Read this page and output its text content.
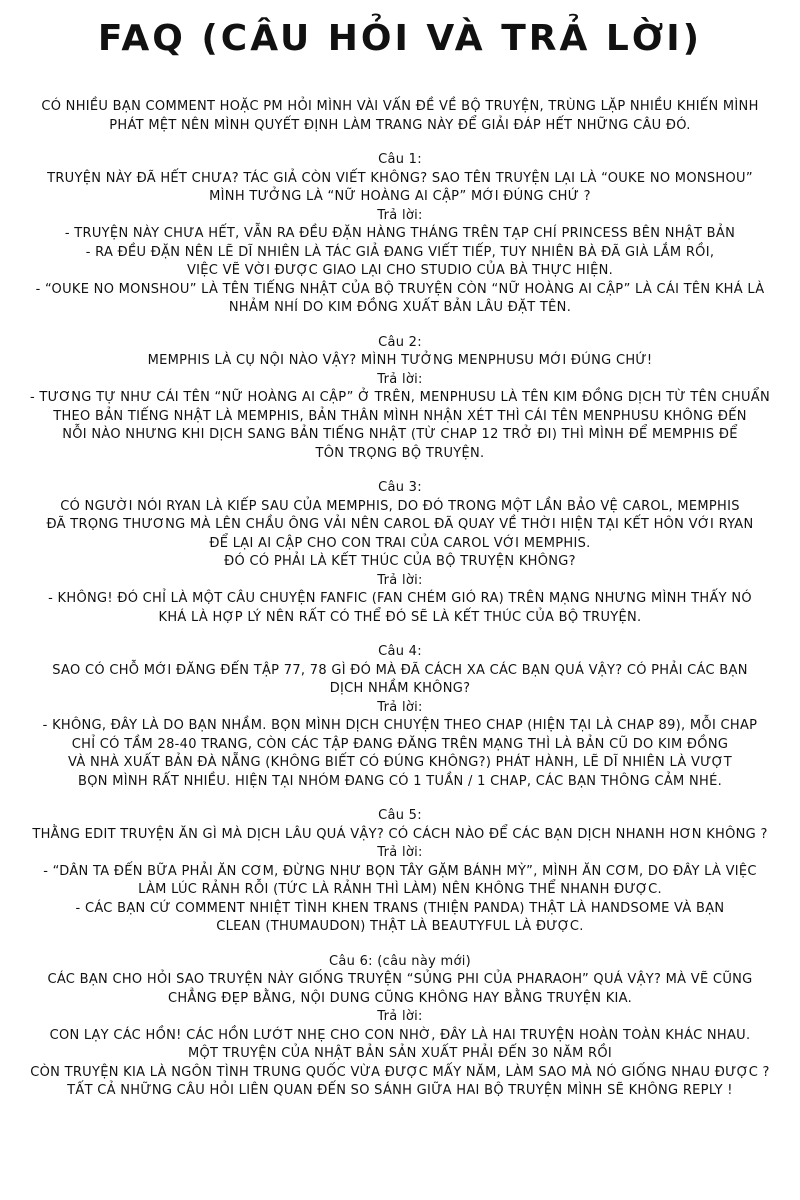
FAQ (CÂU HỎI VÀ TRẢ LỜI)
CÓ NHIỀU BẠN COMMENT HOẶC PM HỎI MÌNH VÀI VẤN ĐỀ VỀ BỘ TRUYỆN, TRÙNG LẶP NHIỀU KHIẾN MÌNH
PHÁT MỆT NÊN MÌNH QUYẾT ĐỊNH LÀM TRANG NÀY ĐỂ GIẢI ĐÁP HẾT NHỮNG CÂU ĐÓ.
Câu 1:
TRUYỆN NÀY ĐÃ HẾT CHƯA? TÁC GIẢ CÒN VIẾT KHÔNG? SAO TÊN TRUYỆN LẠI LÀ “OUKE NO MONSHOU”
MÌNH TƯỞNG LÀ “NỮ HOÀNG AI CẬP” MỚI ĐÚNG CHỨ ?
Trả lời:
- TRUYỆN NÀY CHƯA HẾT, VẪN RA ĐỀU ĐẶN HÀNG THÁNG TRÊN TẠP CHÍ PRINCESS BÊN NHẬT BẢN
- RA ĐỀU ĐẶN NÊN LẼ DĨ NHIÊN LÀ TÁC GIẢ ĐANG VIẾT TIẾP, TUY NHIÊN BÀ ĐÃ GIÀ LẮM RỒI,
VIỆC VẼ VỜI ĐƯỢC GIAO LẠI CHO STUDIO CỦA BÀ THỰC HIỆN.
- “OUKE NO MONSHOU” LÀ TÊN TIẾNG NHẬT CỦA BỘ TRUYỆN CÒN “NỮ HOÀNG AI CẬP” LÀ CÁI TÊN KHÁ LÀ
NHẢM NHÍ DO KIM ĐỒNG XUẤT BẢN LÂU ĐẶT TÊN.
Câu 2:
MEMPHIS LÀ CỤ NỘI NÀO VẬY? MÌNH TƯỞNG MENPHUSU MỚI ĐÚNG CHỨ!
Trả lời:
- TƯƠNG TỰ NHƯ CÁI TÊN “NỮ HOÀNG AI CẬP” Ở TRÊN, MENPHUSU LÀ TÊN KIM ĐỒNG DỊCH TỪ TÊN CHUẨN
THEO BẢN TIẾNG NHẬT LÀ MEMPHIS, BẢN THÂN MÌNH NHẬN XÉT THÌ CÁI TÊN MENPHUSU KHÔNG ĐẾN
NỖI NÀO NHƯNG KHI DỊCH SANG BẢN TIẾNG NHẬT (TỪ CHAP 12 TRỞ ĐI) THÌ MÌNH ĐỂ MEMPHIS ĐỂ
TÔN TRỌNG BỘ TRUYỆN.
Câu 3:
CÓ NGƯỜI NÓI RYAN LÀ KIẾP SAU CỦA MEMPHIS, DO ĐÓ TRONG MỘT LẦN BẢO VỆ CAROL, MEMPHIS
ĐÃ TRỌNG THƯƠNG MÀ LÊN CHẦU ÔNG VẢI NÊN CAROL ĐÃ QUAY VỀ THỜI HIỆN TẠI KẾT HÔN VỚI RYAN
ĐỂ LẠI AI CẬP CHO CON TRAI CỦA CAROL VỚI MEMPHIS.
ĐÓ CÓ PHẢI LÀ KẾT THÚC CỦA BỘ TRUYỆN KHÔNG?
Trả lời:
- KHÔNG! ĐÓ CHỈ LÀ MỘT CÂU CHUYỆN FANFIC (FAN CHÉM GIÓ RA) TRÊN MẠNG NHƯNG MÌNH THẤY NÓ
KHÁ LÀ HỢP LÝ NÊN RẤT CÓ THỂ ĐÓ SẼ LÀ KẾT THÚC CỦA BỘ TRUYỆN.
Câu 4:
SAO CÓ CHỖ MỚI ĐĂNG ĐẾN TẬP 77, 78 GÌ ĐÓ MÀ ĐÃ CÁCH XA CÁC BẠN QUÁ VẬY? CÓ PHẢI CÁC BẠN
DỊCH NHẦM KHÔNG?
Trả lời:
- KHÔNG, ĐÂY LÀ DO BẠN NHẦM. BỌN MÌNH DỊCH CHUYỆN THEO CHAP (HIỆN TẠI LÀ CHAP 89), MỖI CHAP
CHỈ CÓ TẦM 28-40 TRANG, CÒN CÁC TẬP ĐANG ĐĂNG TRÊN MẠNG THÌ LÀ BẢN CŨ DO KIM ĐỒNG
VÀ NHÀ XUẤT BẢN ĐÀ NẴNG (KHÔNG BIẾT CÓ ĐÚNG KHÔNG?) PHÁT HÀNH, LẼ DĨ NHIÊN LÀ VƯỢT
BỌN MÌNH RẤT NHIỀU. HIỆN TẠI NHÓM ĐANG CÓ 1 TUẦN / 1 CHAP, CÁC BẠN THÔNG CẢM NHÉ.
Câu 5:
THẰNG EDIT TRUYỆN ĂN GÌ MÀ DỊCH LÂU QUÁ VẬY? CÓ CÁCH NÀO ĐỂ CÁC BẠN DỊCH NHANH HƠN KHÔNG ?
Trả lời:
- “DÂN TA ĐẾN BỮA PHẢI ĂN CƠM, ĐỪNG NHƯ BỌN TÂY GẶM BÁNH MỲ”, MÌNH ĂN CƠM, DO ĐÂY LÀ VIỆC
LÀM LÚC RẢNH RỖI (TỨC LÀ RẢNH THÌ LÀM) NÊN KHÔNG THỂ NHANH ĐƯỢC.
- CÁC BẠN CỨ COMMENT NHIỆT TÌNH KHEN TRANS (THIỆN PANDA) THẬT LÀ HANDSOME VÀ BẠN
CLEAN (THUMAUDON) THẬT LÀ BEAUTYFUL LÀ ĐƯỢC.
Câu 6: (câu này mới)
CÁC BẠN CHO HỎI SAO TRUYỆN NÀY GIỐNG TRUYỆN “SỦNG PHI CỦA PHARAOH” QUÁ VẬY? MÀ VẼ CŨNG
CHẲNG ĐẸP BẰNG, NỘI DUNG CŨNG KHÔNG HAY BẰNG TRUYỆN KIA.
Trả lời:
CON LẠY CÁC HỒN! CÁC HỒN LƯỚT NHẸ CHO CON NHỜ, ĐÂY LÀ HAI TRUYỆN HOÀN TOÀN KHÁC NHAU.
MỘT TRUYỆN CỦA NHẬT BẢN SẢN XUẤT PHẢI ĐẾN 30 NĂM RỒI
CÒN TRUYỆN KIA LÀ NGÔN TÌNH TRUNG QUỐC VỪA ĐƯỢC MẤY NĂM, LÀM SAO MÀ NÓ GIỐNG NHAU ĐƯỢC ?
TẤT CẢ NHỮNG CÂU HỎI LIÊN QUAN ĐẾN SO SÁNH GIỮA HAI BỘ TRUYỆN MÌNH SẼ KHÔNG REPLY !
